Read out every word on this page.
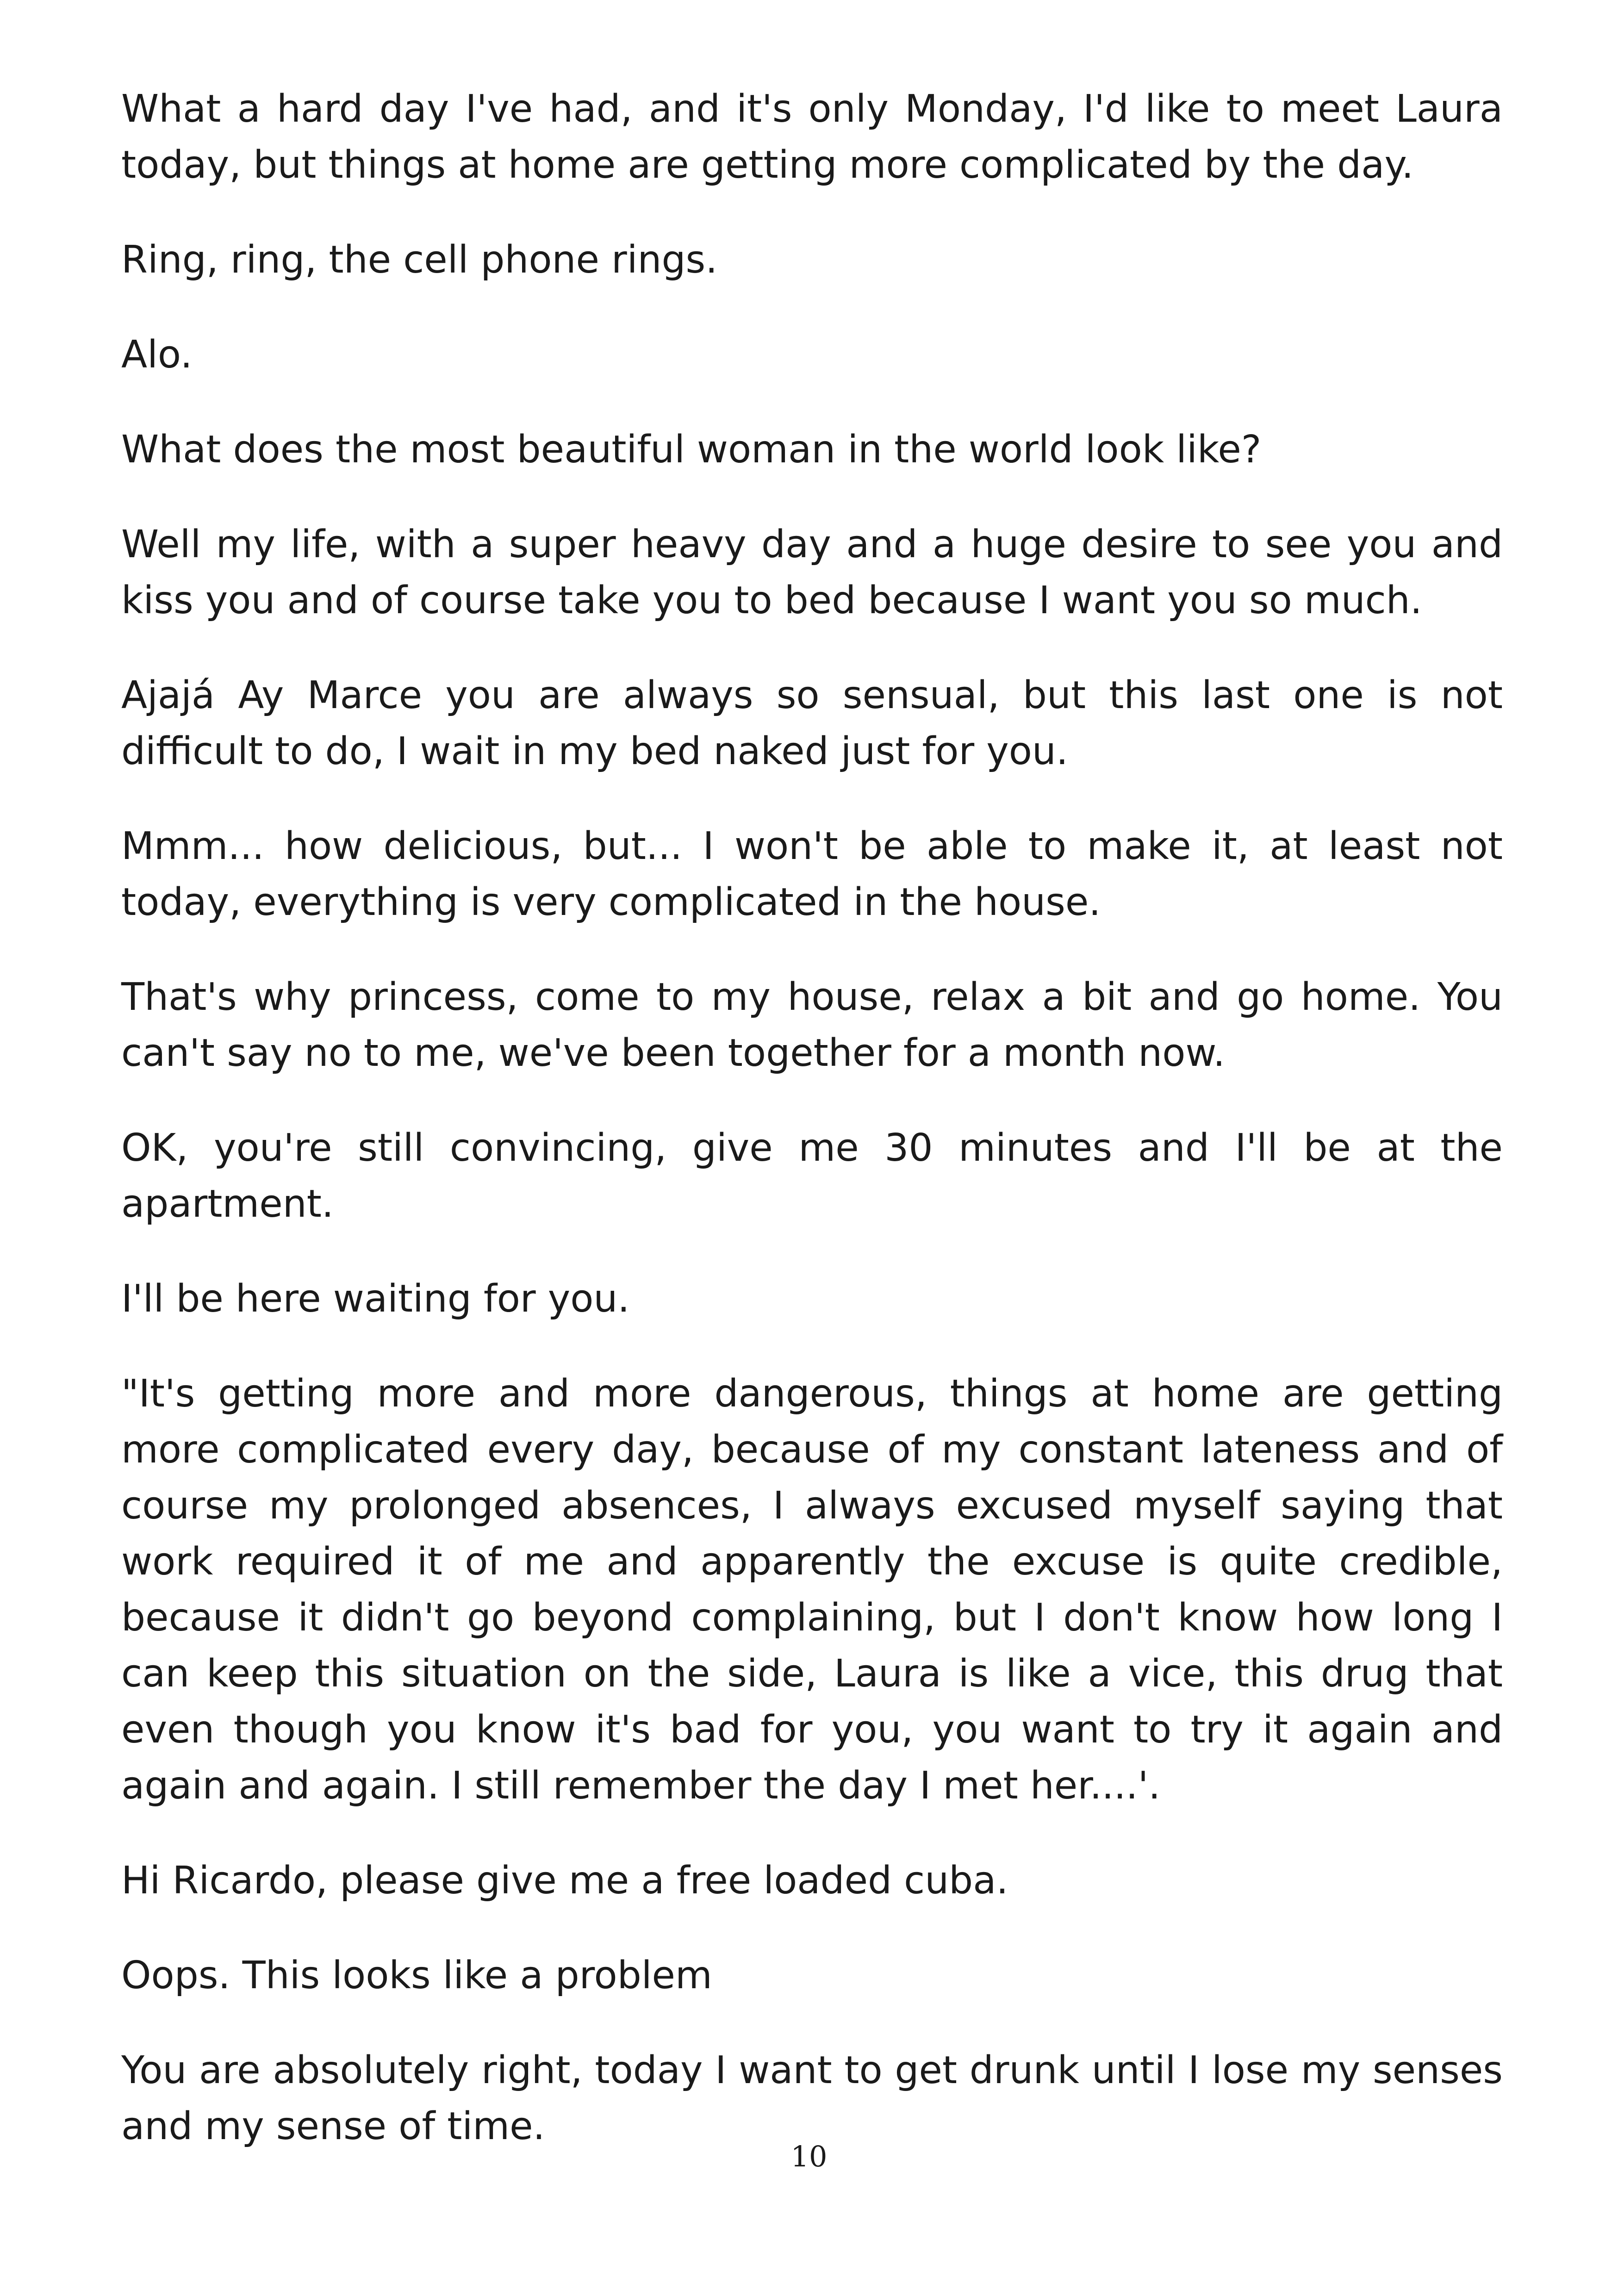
What a hard day I've had, and it's only Monday, I'd like to meet Laura today, but things at home are getting more complicated by the day.

Ring, ring, the cell phone rings.

Alo.

What does the most beautiful woman in the world look like?

Well my life, with a super heavy day and a huge desire to see you and kiss you and of course take you to bed because I want you so much.

Ajajá Ay Marce you are always so sensual, but this last one is not difficult to do, I wait in my bed naked just for you.

Mmm... how delicious, but... I won't be able to make it, at least not today, everything is very complicated in the house.

That's why princess, come to my house, relax a bit and go home. You can't say no to me, we've been together for a month now.

OK, you're still convincing, give me 30 minutes and I'll be at the apartment.

I'll be here waiting for you.

"It's getting more and more dangerous, things at home are getting more complicated every day, because of my constant lateness and of course my prolonged absences, I always excused myself saying that work required it of me and apparently the excuse is quite credible, because it didn't go beyond complaining, but I don't know how long I can keep this situation on the side, Laura is like a vice, this drug that even though you know it's bad for you, you want to try it again and again and again. I still remember the day I met her....'.

Hi Ricardo, please give me a free loaded cuba.

Oops. This looks like a problem

You are absolutely right, today I want to get drunk until I lose my senses and my sense of time.

10
